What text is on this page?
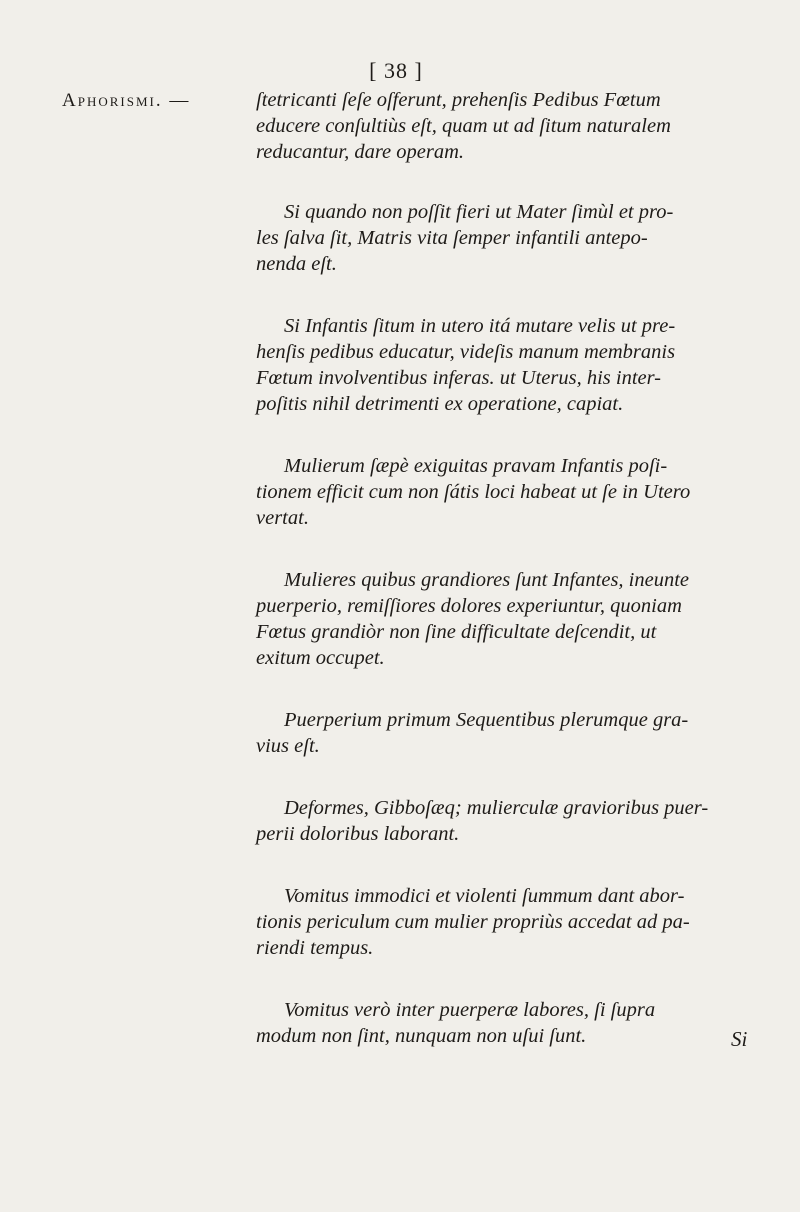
[ 38 ]
Aphorismi. —	ſtetricanti ſeſe oſferunt, prehenſis Pedibus Fœtum
educere conſultiùs eſt, quam ut ad ſitum naturalem
reducantur, dare operam.

Si quando non poſſit fieri ut Mater ſimùl et pro-
les ſalva ſit, Matris vita ſemper infantili antepo-
nenda eſt.

Si Infantis ſitum in utero itá mutare velis ut pre-
henſis pedibus educatur, videſis manum membranis
Fœtum involventibus inferas. ut Uterus, his inter-
poſitis nihil detrimenti ex operatione, capiat.

Mulierum ſæpè exiguitas pravam Infantis poſi-
tionem efficit cum non ſátis loci habeat ut ſe in Utero
vertat.

Mulieres quibus grandiores ſunt Infantes, ineunte
puerperio, remiſſiores dolores experiuntur, quoniam
Fœtus grandiòr non ſine difficultate deſcendit, ut
exitum occupet.

Puerperium primum Sequentibus plerumque gra-
vius eſt.

Deformes, Gibboſæq; mulierculæ gravioribus puer-
perii doloribus laborant.

Vomitus immodici et violenti ſummum dant abor-
tionis periculum cum mulier propriùs accedat ad pa-
riendi tempus.

Vomitus verò inter puerperæ labores, ſi ſupra
modum non ſint, nunquam non uſui ſunt.	Si
